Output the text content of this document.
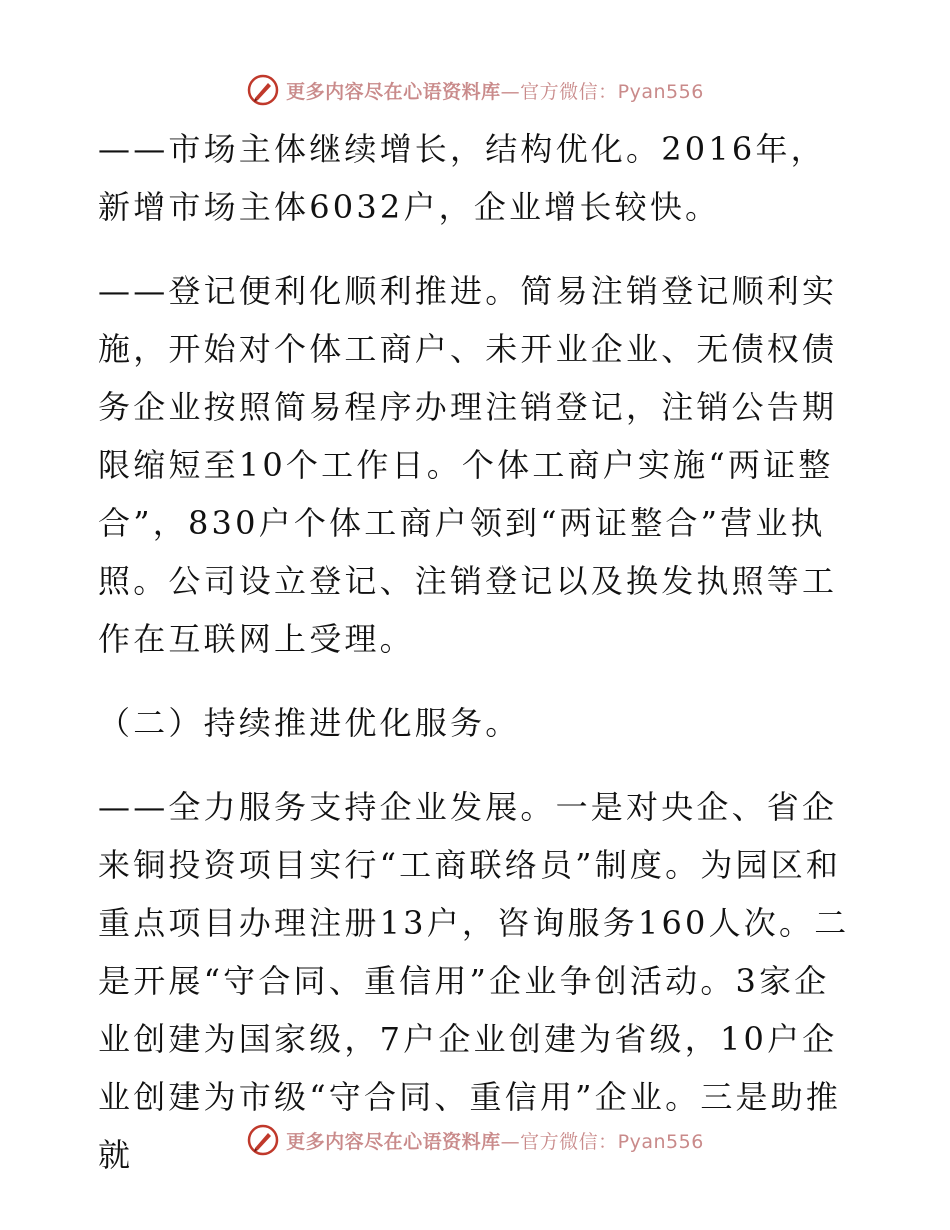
更多内容尽在心语资料库—官方微信：Pyan556

——市场主体继续增长，结构优化。2016年，新增市场主体6032户，企业增长较快。

——登记便利化顺利推进。简易注销登记顺利实施，开始对个体工商户、未开业企业、无债权债务企业按照简易程序办理注销登记，注销公告期限缩短至10个工作日。个体工商户实施“两证整合”，830户个体工商户领到“两证整合”营业执照。公司设立登记、注销登记以及换发执照等工作在互联网上受理。

（二）持续推进优化服务。

——全力服务支持企业发展。一是对央企、省企来铜投资项目实行“工商联络员”制度。为园区和重点项目办理注册13户，咨询服务160人次。二是开展“守合同、重信用”企业争创活动。3家企业创建为国家级，7户企业创建为省级，10户企业创建为市级“守合同、重信用”企业。三是助推就	更多内容尽在心语资料库—官方微信：Pyan556
